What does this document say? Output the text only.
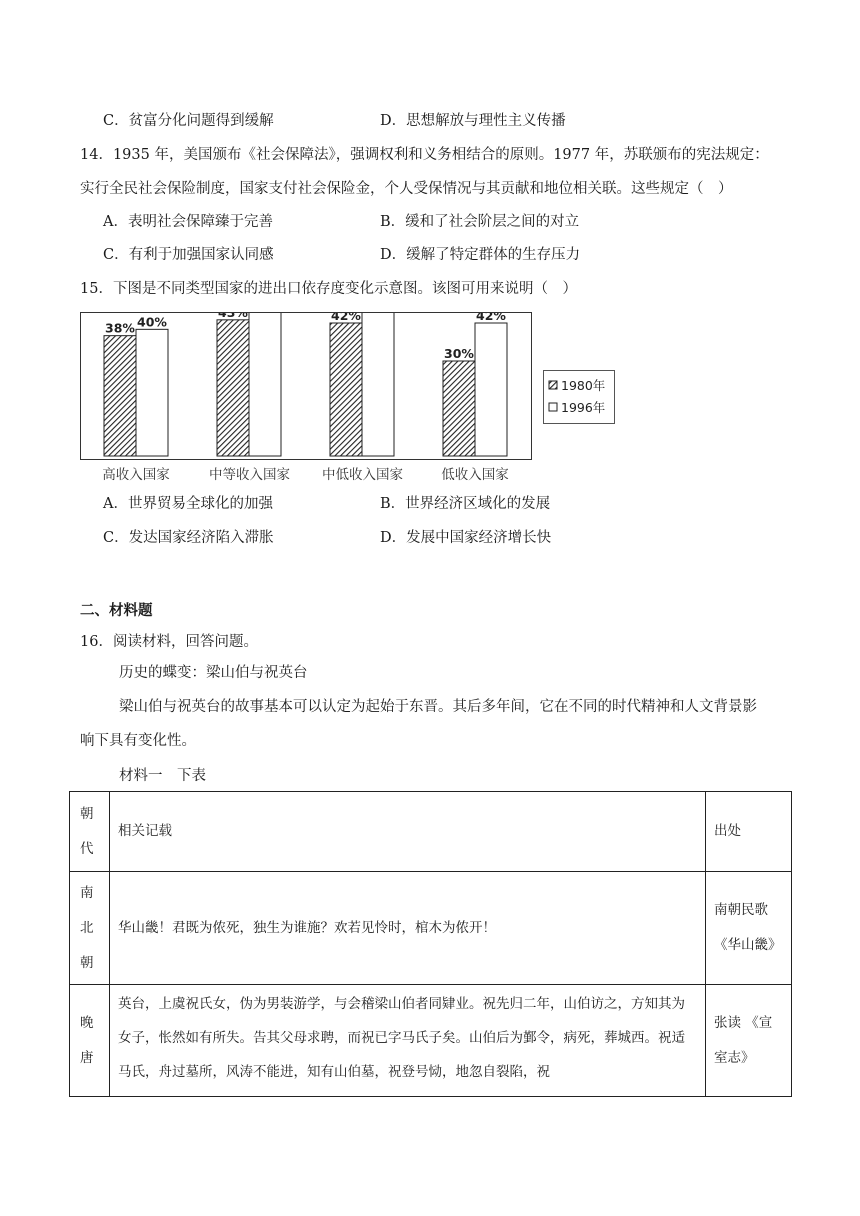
C．贫富分化问题得到缓解	D．思想解放与理性主义传播
14．1935 年，美国颁布《社会保障法》，强调权利和义务相结合的原则。1977 年，苏联颁布的宪法规定：
实行全民社会保险制度，国家支付社会保险金，个人受保情况与其贡献和地位相关联。这些规定（　）
A．表明社会保障臻于完善	B．缓和了社会阶层之间的对立
C．有利于加强国家认同感	D．缓解了特定群体的生存压力
15．下图是不同类型国家的进出口依存度变化示意图。该图可用来说明（　）
38% 40%	42%
30%
42%
1980年
1996年
高收入国家	中等收入国家 中低收入国家	低收入国家
A．世界贸易全球化的加强	B．世界经济区域化的发展
C．发达国家经济陷入滞胀	D．发展中国家经济增长快
二、材料题
16．阅读材料，回答问题。
历史的蝶变：梁山伯与祝英台
梁山伯与祝英台的故事基本可以认定为起始于东晋。其后多年间，它在不同的时代精神和人文背景影
响下具有变化性。
材料一　下表
朝代	相关记载	出处
南北朝	华山畿！君既为侬死，独生为谁施？欢若见怜时，棺木为侬开！	南朝民歌《华山畿》
晚唐	英台，上虞祝氏女，伪为男装游学，与会稽梁山伯者同肄业。祝先归二年，山伯访之，方知其为女子，怅然如有所失。告其父母求聘，而祝已字马氏子矣。山伯后为鄞令，病死，葬城西。祝适马氏，舟过墓所，风涛不能进，知有山伯墓，祝登号恸，地忽自裂陷，祝	张读 《宣室志》
